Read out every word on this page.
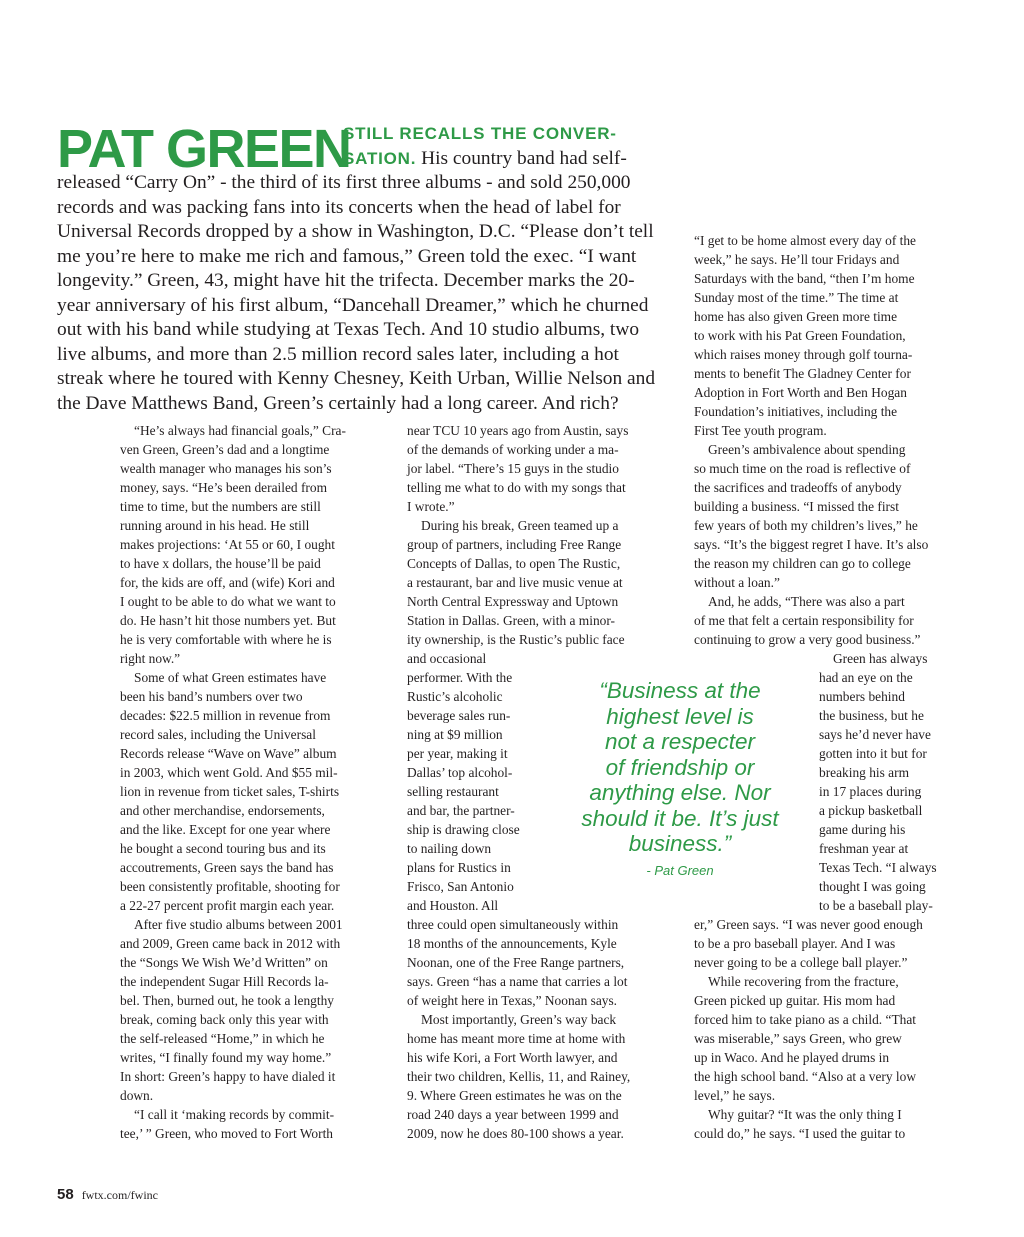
PAT GREEN
STILL RECALLS THE CONVER-
SATION. His country band had self-
released “Carry On” - the third of its first three albums - and sold 250,000
records and was packing fans into its concerts when the head of label for
Universal Records dropped by a show in Washington, D.C. “Please don’t tell
me you’re here to make me rich and famous,” Green told the exec. “I want
longevity.” Green, 43, might have hit the trifecta. December marks the 20-
year anniversary of his first album, “Dancehall Dreamer,” which he churned
out with his band while studying at Texas Tech. And 10 studio albums, two
live albums, and more than 2.5 million record sales later, including a hot
streak where he toured with Kenny Chesney, Keith Urban, Willie Nelson and
the Dave Matthews Band, Green’s certainly had a long career. And rich?
“He’s always had financial goals,” Cra-
ven Green, Green’s dad and a longtime
wealth manager who manages his son’s
money, says. “He’s been derailed from
time to time, but the numbers are still
running around in his head. He still
makes projections: ‘At 55 or 60, I ought
to have x dollars, the house’ll be paid
for, the kids are off, and (wife) Kori and
I ought to be able to do what we want to
do. He hasn’t hit those numbers yet. But
he is very comfortable with where he is
right now.”
Some of what Green estimates have
been his band’s numbers over two
decades: $22.5 million in revenue from
record sales, including the Universal
Records release “Wave on Wave” album
in 2003, which went Gold. And $55 mil-
lion in revenue from ticket sales, T-shirts
and other merchandise, endorsements,
and the like. Except for one year where
he bought a second touring bus and its
accoutrements, Green says the band has
been consistently profitable, shooting for
a 22-27 percent profit margin each year.
After five studio albums between 2001
and 2009, Green came back in 2012 with
the “Songs We Wish We’d Written” on
the independent Sugar Hill Records la-
bel. Then, burned out, he took a lengthy
break, coming back only this year with
the self-released “Home,” in which he
writes, “I finally found my way home.”
In short: Green’s happy to have dialed it
down.
“I call it ‘making records by commit-
tee,’ ” Green, who moved to Fort Worth
near TCU 10 years ago from Austin, says
of the demands of working under a ma-
jor label. “There’s 15 guys in the studio
telling me what to do with my songs that
I wrote.”
During his break, Green teamed up a
group of partners, including Free Range
Concepts of Dallas, to open The Rustic,
a restaurant, bar and live music venue at
North Central Expressway and Uptown
Station in Dallas. Green, with a minor-
ity ownership, is the Rustic’s public face
and occasional
performer. With the
Rustic’s alcoholic
beverage sales run-
ning at $9 million
per year, making it
Dallas’ top alcohol-
selling restaurant
and bar, the partner-
ship is drawing close
to nailing down
plans for Rustics in
Frisco, San Antonio
and Houston. All
three could open simultaneously within
18 months of the announcements, Kyle
Noonan, one of the Free Range partners,
says. Green “has a name that carries a lot
of weight here in Texas,” Noonan says.
Most importantly, Green’s way back
home has meant more time at home with
his wife Kori, a Fort Worth lawyer, and
their two children, Kellis, 11, and Rainey,
9. Where Green estimates he was on the
road 240 days a year between 1999 and
2009, now he does 80-100 shows a year.
“I get to be home almost every day of the
week,” he says. He’ll tour Fridays and
Saturdays with the band, “then I’m home
Sunday most of the time.” The time at
home has also given Green more time
to work with his Pat Green Foundation,
which raises money through golf tourna-
ments to benefit The Gladney Center for
Adoption in Fort Worth and Ben Hogan
Foundation’s initiatives, including the
First Tee youth program.
Green’s ambivalence about spending
so much time on the road is reflective of
the sacrifices and tradeoffs of anybody
building a business. “I missed the first
few years of both my children’s lives,” he
says. “It’s the biggest regret I have. It’s also
the reason my children can go to college
without a loan.”
And, he adds, “There was also a part
of me that felt a certain responsibility for
continuing to grow a very good business.”
Green has always
had an eye on the
numbers behind
the business, but he
says he’d never have
gotten into it but for
breaking his arm
in 17 places during
a pickup basketball
game during his
freshman year at
Texas Tech. “I always
thought I was going
to be a baseball play-
er,” Green says. “I was never good enough
to be a pro baseball player. And I was
never going to be a college ball player.”
While recovering from the fracture,
Green picked up guitar. His mom had
forced him to take piano as a child. “That
was miserable,” says Green, who grew
up in Waco. And he played drums in
the high school band. “Also at a very low
level,” he says.
Why guitar? “It was the only thing I
could do,” he says. “I used the guitar to
“Business at the
highest level is
not a respecter
of friendship or
anything else. Nor
should it be. It’s just
business.”
- Pat Green
58 fwtx.com/fwinc
